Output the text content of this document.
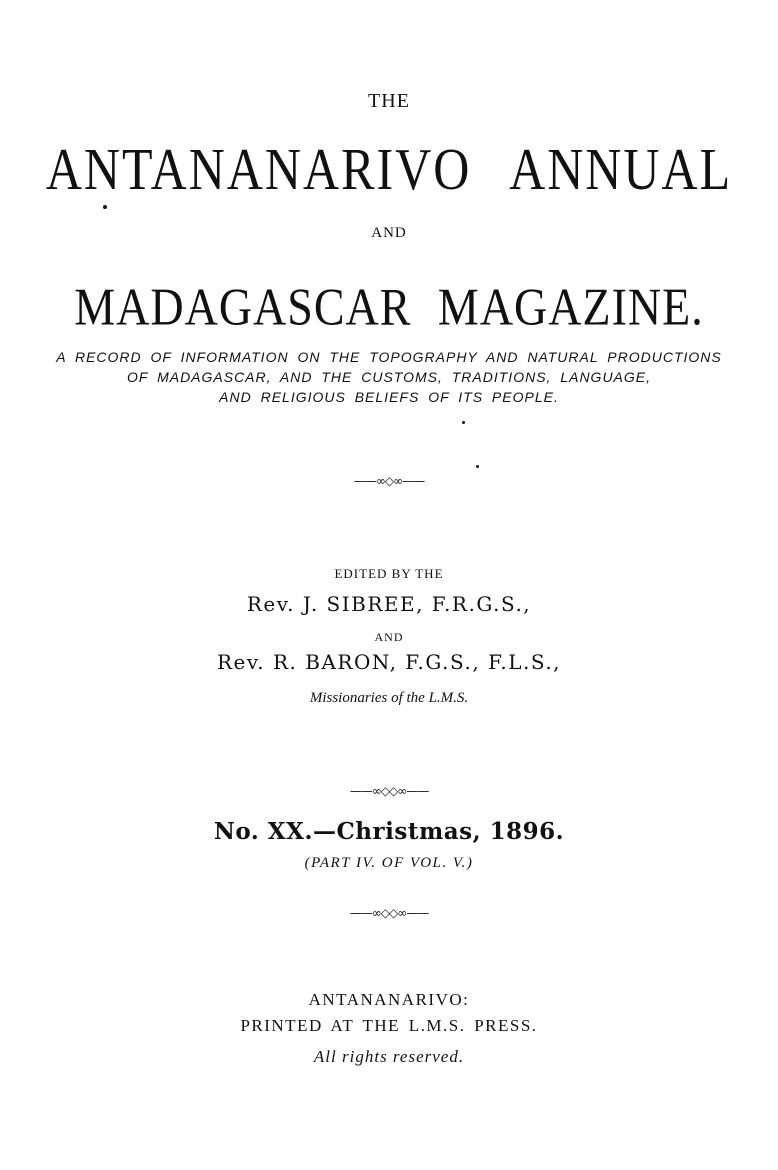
THE
ANTANANARIVO ANNUAL
AND
MADAGASCAR MAGAZINE.
A RECORD OF INFORMATION ON THE TOPOGRAPHY AND NATURAL PRODUCTIONS
OF MADAGASCAR, AND THE CUSTOMS, TRADITIONS, LANGUAGE,
AND RELIGIOUS BELIEFS OF ITS PEOPLE.
——∞◇∞——
EDITED BY THE
Rev. J. SIBREE, F.R.G.S.,
AND
Rev. R. BARON, F.G.S., F.L.S.,
Missionaries of the L.M.S.
——∞◇◇∞——
No. XX.—Christmas, 1896.
(PART IV. OF VOL. V.)
——∞◇◇∞——
ANTANANARIVO:
PRINTED AT THE L.M.S. PRESS.
All rights reserved.
